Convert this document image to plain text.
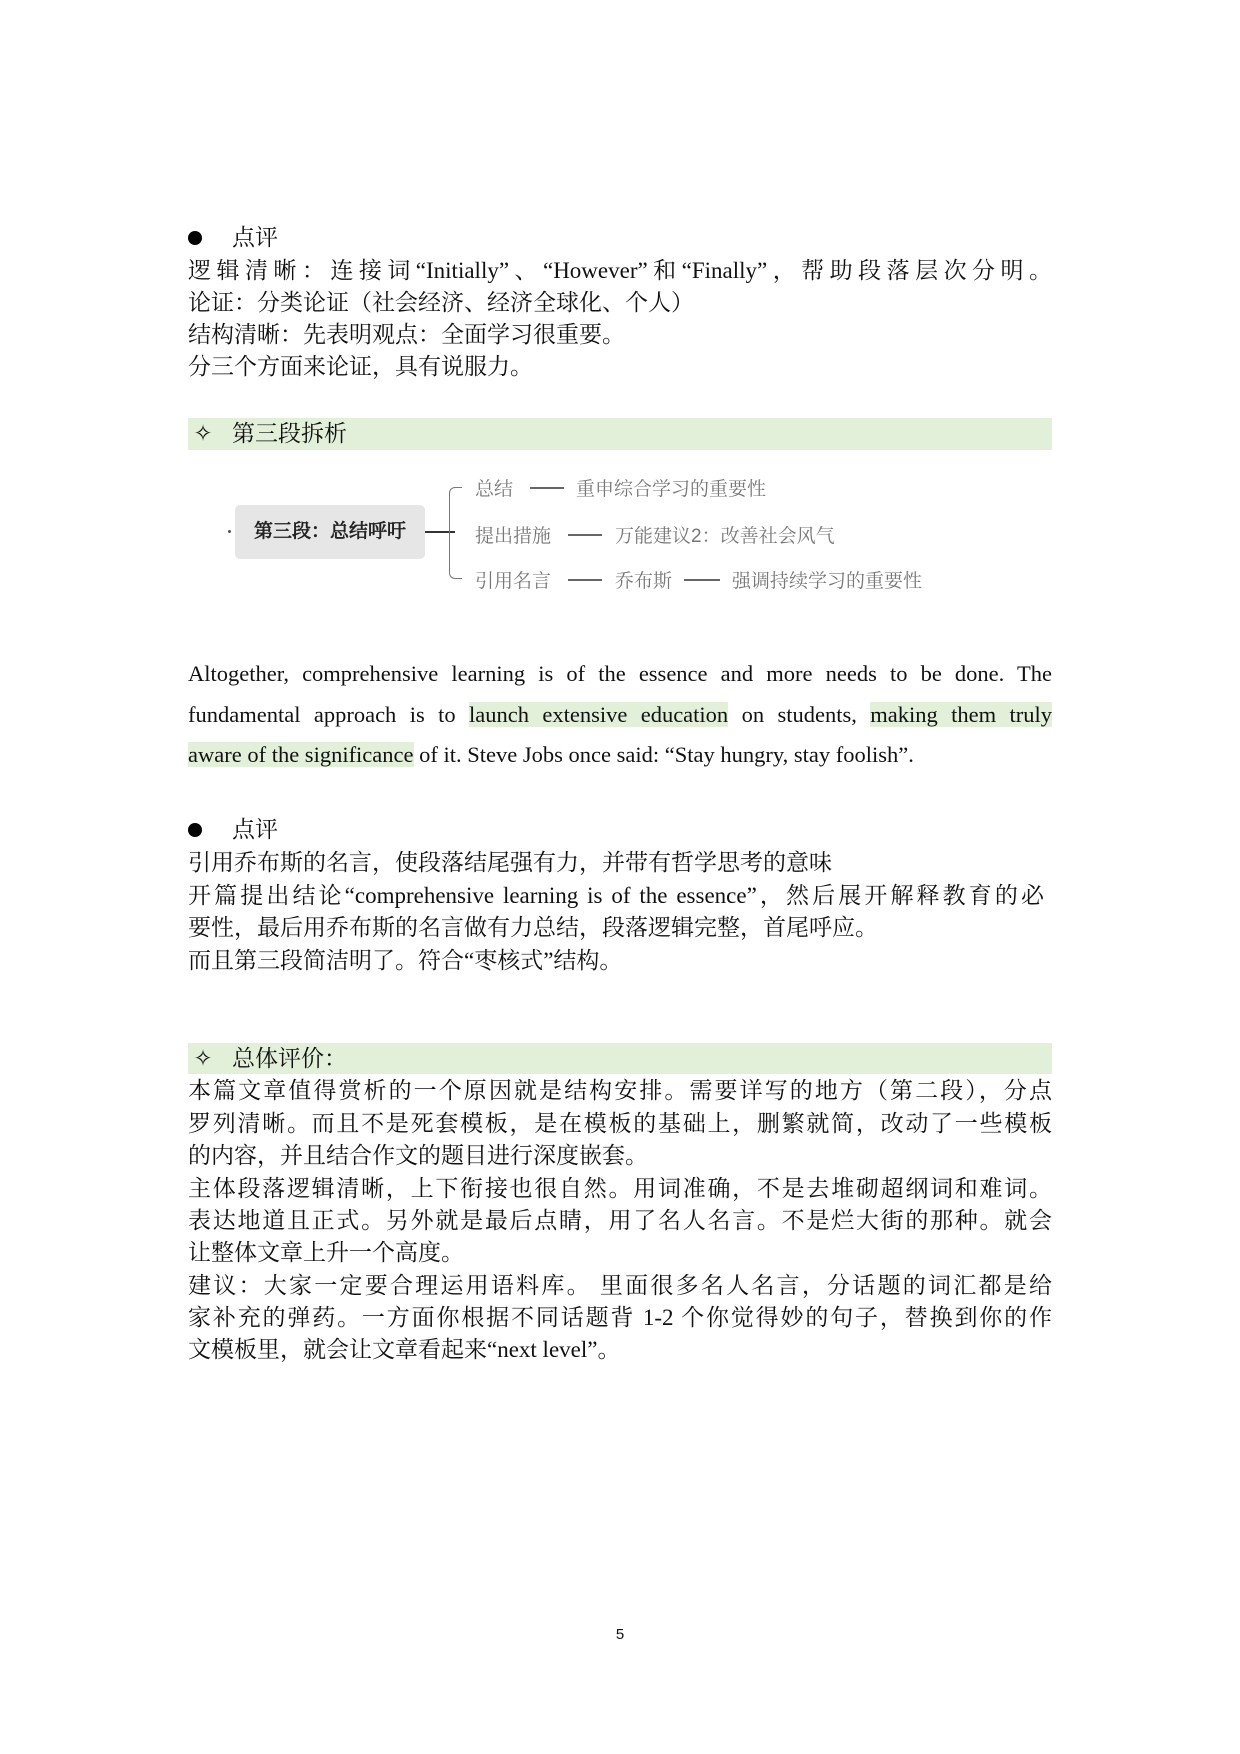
点评
逻辑清晰：连接词“Initially”、“However”和“Finally”，帮助段落层次分明。
论证：分类论证（社会经济、经济全球化、个人）
结构清晰：先表明观点：全面学习很重要。
分三个方面来论证，具有说服力。
✧ 第三段拆析
第三段：总结呼吁
总结	重申综合学习的重要性
提出措施	万能建议2：改善社会风气
引用名言	乔布斯	强调持续学习的重要性
Altogether, comprehensive learning is of the essence and more needs to be done. The
fundamental approach is to launch extensive education on students, making them truly
aware of the significance of it. Steve Jobs once said: “Stay hungry, stay foolish”.
点评
引用乔布斯的名言，使段落结尾强有力，并带有哲学思考的意味
开篇提出结论“comprehensive learning is of the essence”，然后展开解释教育的必
要性，最后用乔布斯的名言做有力总结，段落逻辑完整，首尾呼应。
而且第三段简洁明了。符合“枣核式”结构。
✧ 总体评价：
本篇文章值得赏析的一个原因就是结构安排。需要详写的地方（第二段），分点
罗列清晰。而且不是死套模板，是在模板的基础上，删繁就简，改动了一些模板
的内容，并且结合作文的题目进行深度嵌套。
主体段落逻辑清晰，上下衔接也很自然。用词准确，不是去堆砌超纲词和难词。
表达地道且正式。另外就是最后点睛，用了名人名言。不是烂大街的那种。就会
让整体文章上升一个高度。
建议：大家一定要合理运用语料库。 里面很多名人名言，分话题的词汇都是给
家补充的弹药。一方面你根据不同话题背 1-2 个你觉得妙的句子，替换到你的作
文模板里，就会让文章看起来“next level”。
5
